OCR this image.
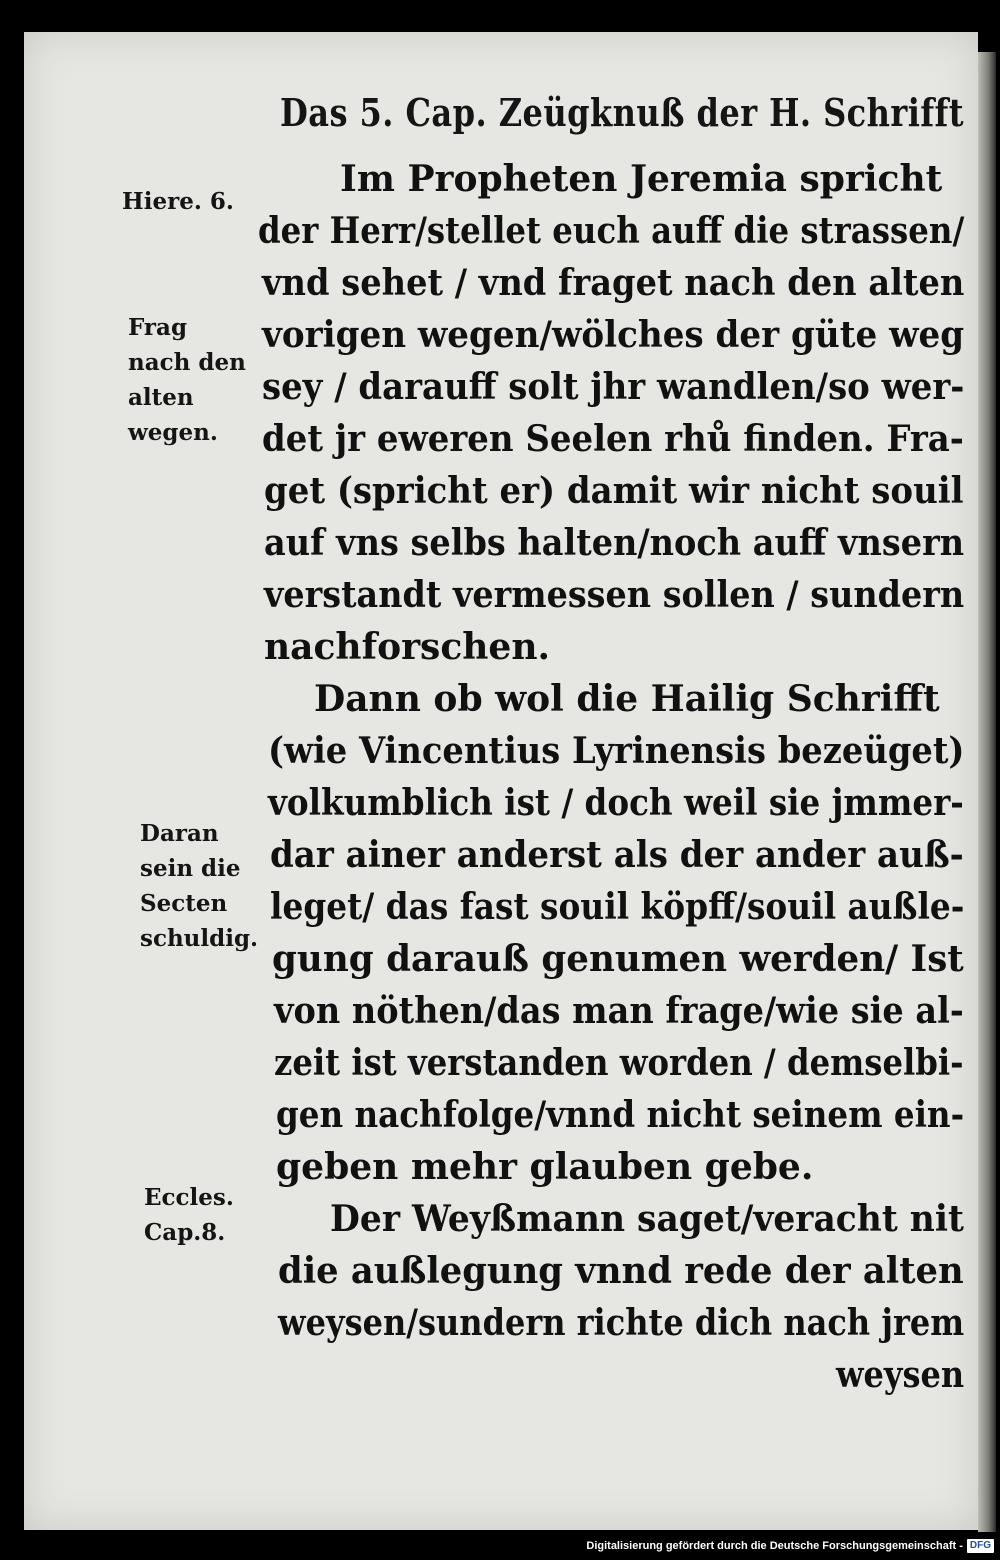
Das 5. Cap. Zeügknuß der H. Schrifft
Hiere. 6.
Frag
nach den
alten
wegen.
Daran
sein die
Secten
schuldig.
Eccles.
Cap.8.
Im Propheten Jeremia spricht
der Herr/stellet euch auff die strassen/
vnd sehet / vnd fraget nach den alten
vorigen wegen/wölches der güte weg
sey / darauff solt jhr wandlen/so wer-
det jr eweren Seelen rhů finden. Fra-
get (spricht er) damit wir nicht souil
auf vns selbs halten/noch auff vnsern
verstandt vermessen sollen / sundern
nachforschen.
Dann ob wol die Hailig Schrifft
(wie Vincentius Lyrinensis bezeüget)
volkumblich ist / doch weil sie jmmer-
dar ainer anderst als der ander auß-
leget/ das fast souil köpff/souil außle-
gung darauß genumen werden/ Ist
von nöthen/das man frage/wie sie al-
zeit ist verstanden worden / demselbi-
gen nachfolge/vnnd nicht seinem ein-
geben mehr glauben gebe.
Der Weyßmann saget/veracht nit
die außlegung vnnd rede der alten
weysen/sundern richte dich nach jrem
weysen
Digitalisierung gefördert durch die Deutsche Forschungsgemeinschaft - DFG
